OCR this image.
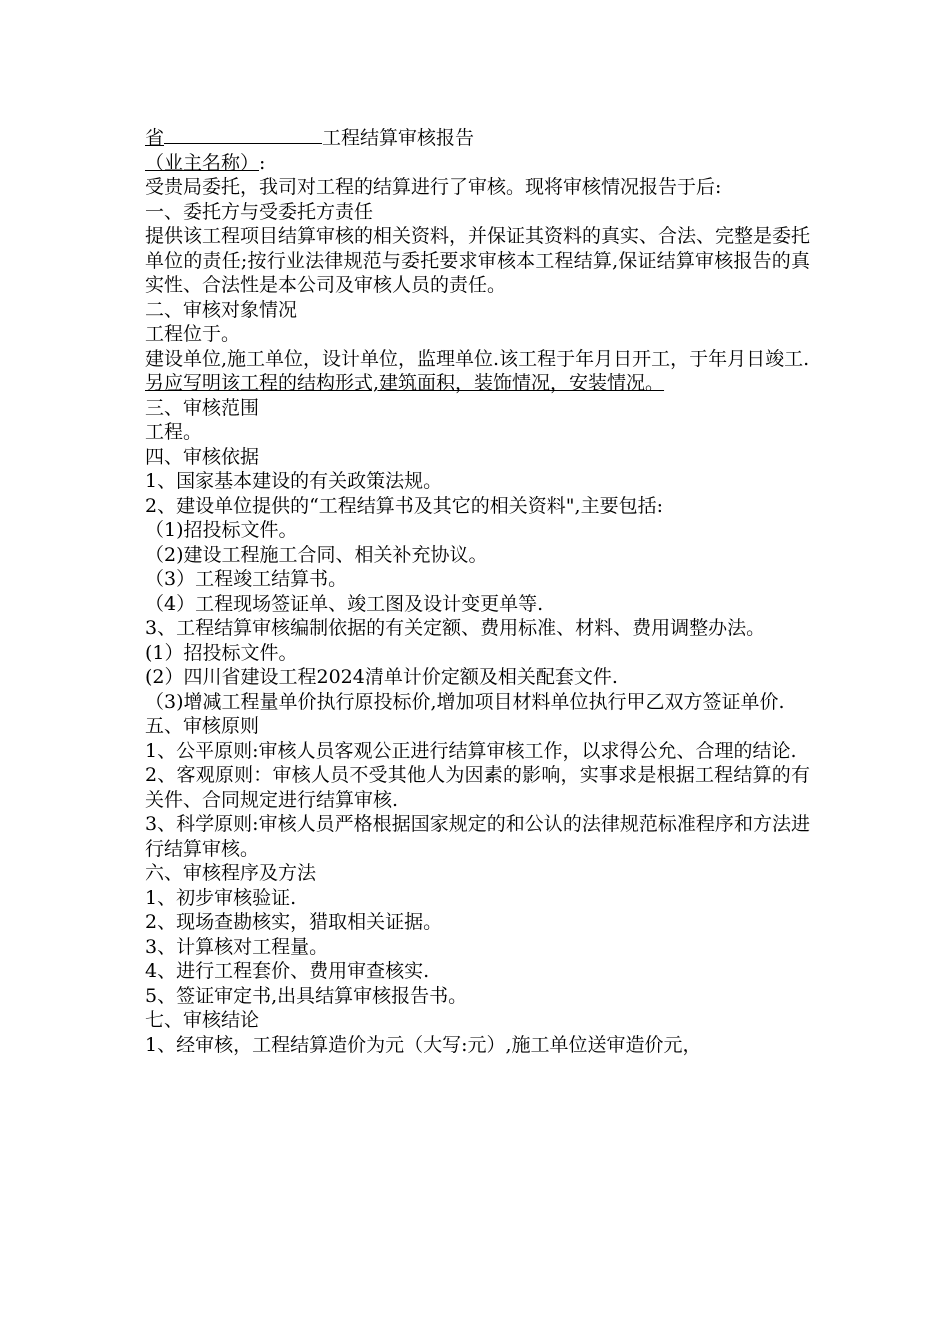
省	工程结算审核报告
（业主名称）:
受贵局委托，我司对工程的结算进行了审核。现将审核情况报告于后:
一、委托方与受委托方责任
提供该工程项目结算审核的相关资料，并保证其资料的真实、合法、完整是委托单位的责任;按行业法律规范与委托要求审核本工程结算,保证结算审核报告的真实性、合法性是本公司及审核人员的责任。
二、审核对象情况
工程位于。
建设单位,施工单位，设计单位，监理单位.该工程于年月日开工，于年月日竣工.
另应写明该工程的结构形式,建筑面积，装饰情况，安装情况。
三、审核范围
工程。
四、审核依据
1、国家基本建设的有关政策法规。
2、建设单位提供的“工程结算书及其它的相关资料",主要包括:
（1)招投标文件。
（2)建设工程施工合同、相关补充协议。
（3）工程竣工结算书。
（4）工程现场签证单、竣工图及设计变更单等.
3、工程结算审核编制依据的有关定额、费用标准、材料、费用调整办法。
(1）招投标文件。
(2）四川省建设工程2024清单计价定额及相关配套文件.
（3)增减工程量单价执行原投标价,增加项目材料单位执行甲乙双方签证单价.
五、审核原则
1、公平原则:审核人员客观公正进行结算审核工作，以求得公允、合理的结论.
2、客观原则：审核人员不受其他人为因素的影响，实事求是根据工程结算的有关件、合同规定进行结算审核.
3、科学原则:审核人员严格根据国家规定的和公认的法律规范标准程序和方法进行结算审核。
六、审核程序及方法
1、初步审核验证.
2、现场查勘核实，猎取相关证据。
3、计算核对工程量。
4、进行工程套价、费用审查核实.
5、签证审定书,出具结算审核报告书。
七、审核结论
1、经审核，工程结算造价为元（大写:元）,施工单位送审造价元，
